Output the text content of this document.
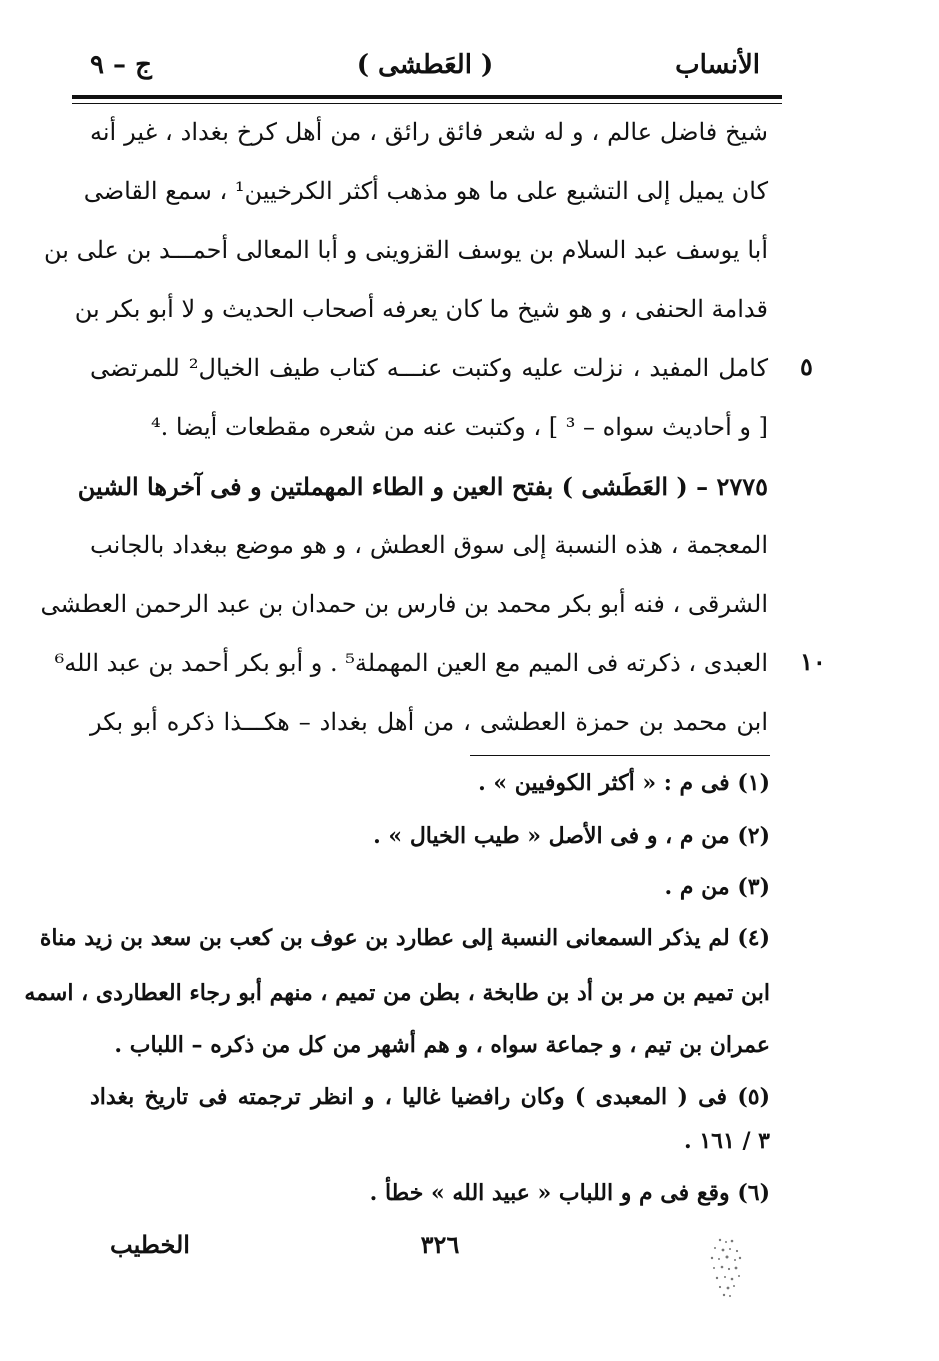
الأنساب
( العَطشى )
ج – ٩
شيخ فاضل عالم ، و له شعر فائق رائق ، من أهل كرخ بغداد ، غير أنه
كان يميل إلى التشيع على ما هو مذهب أكثر الكرخيين¹ ، سمع القاضى
أبا يوسف عبد السلام بن يوسف القزوينى و أبا المعالى أحمـــد بن على بن
قدامة الحنفى ، و هو شيخ ما كان يعرفه أصحاب الحديث و لا أبو بكر بن
كامل المفيد ، نزلت عليه وكتبت عنـــه كتاب طيف الخيال² للمرتضى
[ و أحاديث سواه – ³ ] ، وكتبت عنه من شعره مقطعات أيضا .⁴
٢٧٧٥ – ( العَطَشى ) بفتح العين و الطاء المهملتين و فى آخرها الشين
المعجمة ، هذه النسبة إلى سوق العطش ، و هو موضع ببغداد بالجانب
الشرقى ، فنه أبو بكر محمد بن فارس بن حمدان بن عبد الرحمن العطشى
العبدى ، ذكرته فى الميم مع العين المهملة⁵ . و أبو بكر أحمد بن عبد الله⁶
ابن محمد بن حمزة العطشى ، من أهل بغداد – هكـــذا ذكره أبو بكر
٥
١٠
(١) فى م : « أكثر الكوفيين » .
(٢) من م ، و فى الأصل « طيب الخيال » .
(٣) من م .
(٤) لم يذكر السمعانى النسبة إلى عطارد بن عوف بن كعب بن سعد بن زيد مناة
ابن تميم بن مر بن أد بن طابخة ، بطن من تميم ، منهم أبو رجاء العطاردى ، اسمه
عمران بن تيم ، و جماعة سواه ، و هم أشهر من كل من ذكره – اللباب .
(٥) فى ( المعبدى ) وكان رافضيا غاليا ، و انظر ترجمته فى تاريخ بغداد
٣ / ١٦١ .
(٦) وقع فى م و اللباب « عبيد الله » خطأ .
٣٢٦
الخطيب
